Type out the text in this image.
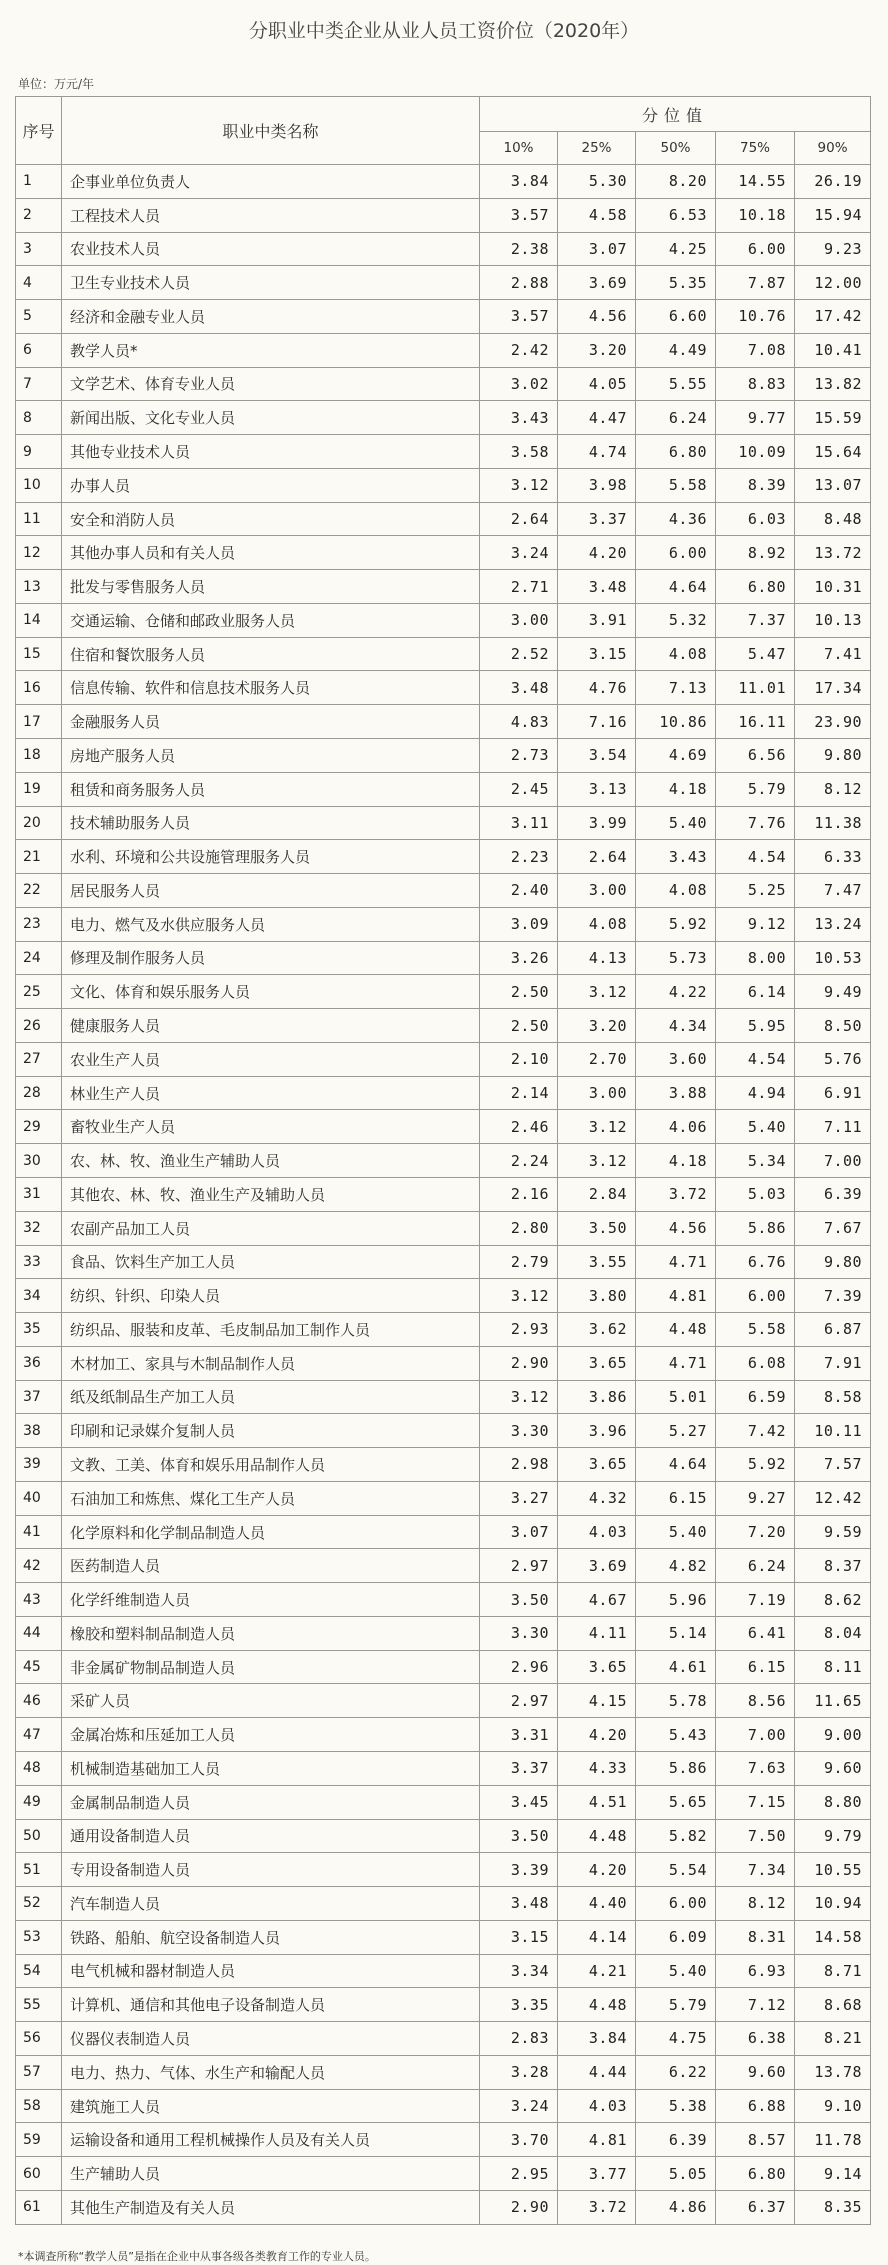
分职业中类企业从业人员工资价位（2020年）
单位：万元/年
序号	职业中类名称	分位值				
		10%	25%	50%	75%	90%
1	企事业单位负责人	3.84	5.30	8.20	14.55	26.19
2	工程技术人员	3.57	4.58	6.53	10.18	15.94
3	农业技术人员	2.38	3.07	4.25	6.00	9.23
4	卫生专业技术人员	2.88	3.69	5.35	7.87	12.00
5	经济和金融专业人员	3.57	4.56	6.60	10.76	17.42
6	教学人员*	2.42	3.20	4.49	7.08	10.41
7	文学艺术、体育专业人员	3.02	4.05	5.55	8.83	13.82
8	新闻出版、文化专业人员	3.43	4.47	6.24	9.77	15.59
9	其他专业技术人员	3.58	4.74	6.80	10.09	15.64
10	办事人员	3.12	3.98	5.58	8.39	13.07
11	安全和消防人员	2.64	3.37	4.36	6.03	8.48
12	其他办事人员和有关人员	3.24	4.20	6.00	8.92	13.72
13	批发与零售服务人员	2.71	3.48	4.64	6.80	10.31
14	交通运输、仓储和邮政业服务人员	3.00	3.91	5.32	7.37	10.13
15	住宿和餐饮服务人员	2.52	3.15	4.08	5.47	7.41
16	信息传输、软件和信息技术服务人员	3.48	4.76	7.13	11.01	17.34
17	金融服务人员	4.83	7.16	10.86	16.11	23.90
18	房地产服务人员	2.73	3.54	4.69	6.56	9.80
19	租赁和商务服务人员	2.45	3.13	4.18	5.79	8.12
20	技术辅助服务人员	3.11	3.99	5.40	7.76	11.38
21	水利、环境和公共设施管理服务人员	2.23	2.64	3.43	4.54	6.33
22	居民服务人员	2.40	3.00	4.08	5.25	7.47
23	电力、燃气及水供应服务人员	3.09	4.08	5.92	9.12	13.24
24	修理及制作服务人员	3.26	4.13	5.73	8.00	10.53
25	文化、体育和娱乐服务人员	2.50	3.12	4.22	6.14	9.49
26	健康服务人员	2.50	3.20	4.34	5.95	8.50
27	农业生产人员	2.10	2.70	3.60	4.54	5.76
28	林业生产人员	2.14	3.00	3.88	4.94	6.91
29	畜牧业生产人员	2.46	3.12	4.06	5.40	7.11
30	农、林、牧、渔业生产辅助人员	2.24	3.12	4.18	5.34	7.00
31	其他农、林、牧、渔业生产及辅助人员	2.16	2.84	3.72	5.03	6.39
32	农副产品加工人员	2.80	3.50	4.56	5.86	7.67
33	食品、饮料生产加工人员	2.79	3.55	4.71	6.76	9.80
34	纺织、针织、印染人员	3.12	3.80	4.81	6.00	7.39
35	纺织品、服装和皮革、毛皮制品加工制作人员	2.93	3.62	4.48	5.58	6.87
36	木材加工、家具与木制品制作人员	2.90	3.65	4.71	6.08	7.91
37	纸及纸制品生产加工人员	3.12	3.86	5.01	6.59	8.58
38	印刷和记录媒介复制人员	3.30	3.96	5.27	7.42	10.11
39	文教、工美、体育和娱乐用品制作人员	2.98	3.65	4.64	5.92	7.57
40	石油加工和炼焦、煤化工生产人员	3.27	4.32	6.15	9.27	12.42
41	化学原料和化学制品制造人员	3.07	4.03	5.40	7.20	9.59
42	医药制造人员	2.97	3.69	4.82	6.24	8.37
43	化学纤维制造人员	3.50	4.67	5.96	7.19	8.62
44	橡胶和塑料制品制造人员	3.30	4.11	5.14	6.41	8.04
45	非金属矿物制品制造人员	2.96	3.65	4.61	6.15	8.11
46	采矿人员	2.97	4.15	5.78	8.56	11.65
47	金属冶炼和压延加工人员	3.31	4.20	5.43	7.00	9.00
48	机械制造基础加工人员	3.37	4.33	5.86	7.63	9.60
49	金属制品制造人员	3.45	4.51	5.65	7.15	8.80
50	通用设备制造人员	3.50	4.48	5.82	7.50	9.79
51	专用设备制造人员	3.39	4.20	5.54	7.34	10.55
52	汽车制造人员	3.48	4.40	6.00	8.12	10.94
53	铁路、船舶、航空设备制造人员	3.15	4.14	6.09	8.31	14.58
54	电气机械和器材制造人员	3.34	4.21	5.40	6.93	8.71
55	计算机、通信和其他电子设备制造人员	3.35	4.48	5.79	7.12	8.68
56	仪器仪表制造人员	2.83	3.84	4.75	6.38	8.21
57	电力、热力、气体、水生产和输配人员	3.28	4.44	6.22	9.60	13.78
58	建筑施工人员	3.24	4.03	5.38	6.88	9.10
59	运输设备和通用工程机械操作人员及有关人员	3.70	4.81	6.39	8.57	11.78
60	生产辅助人员	2.95	3.77	5.05	6.80	9.14
61	其他生产制造及有关人员	2.90	3.72	4.86	6.37	8.35
*本调查所称“教学人员”是指在企业中从事各级各类教育工作的专业人员。
